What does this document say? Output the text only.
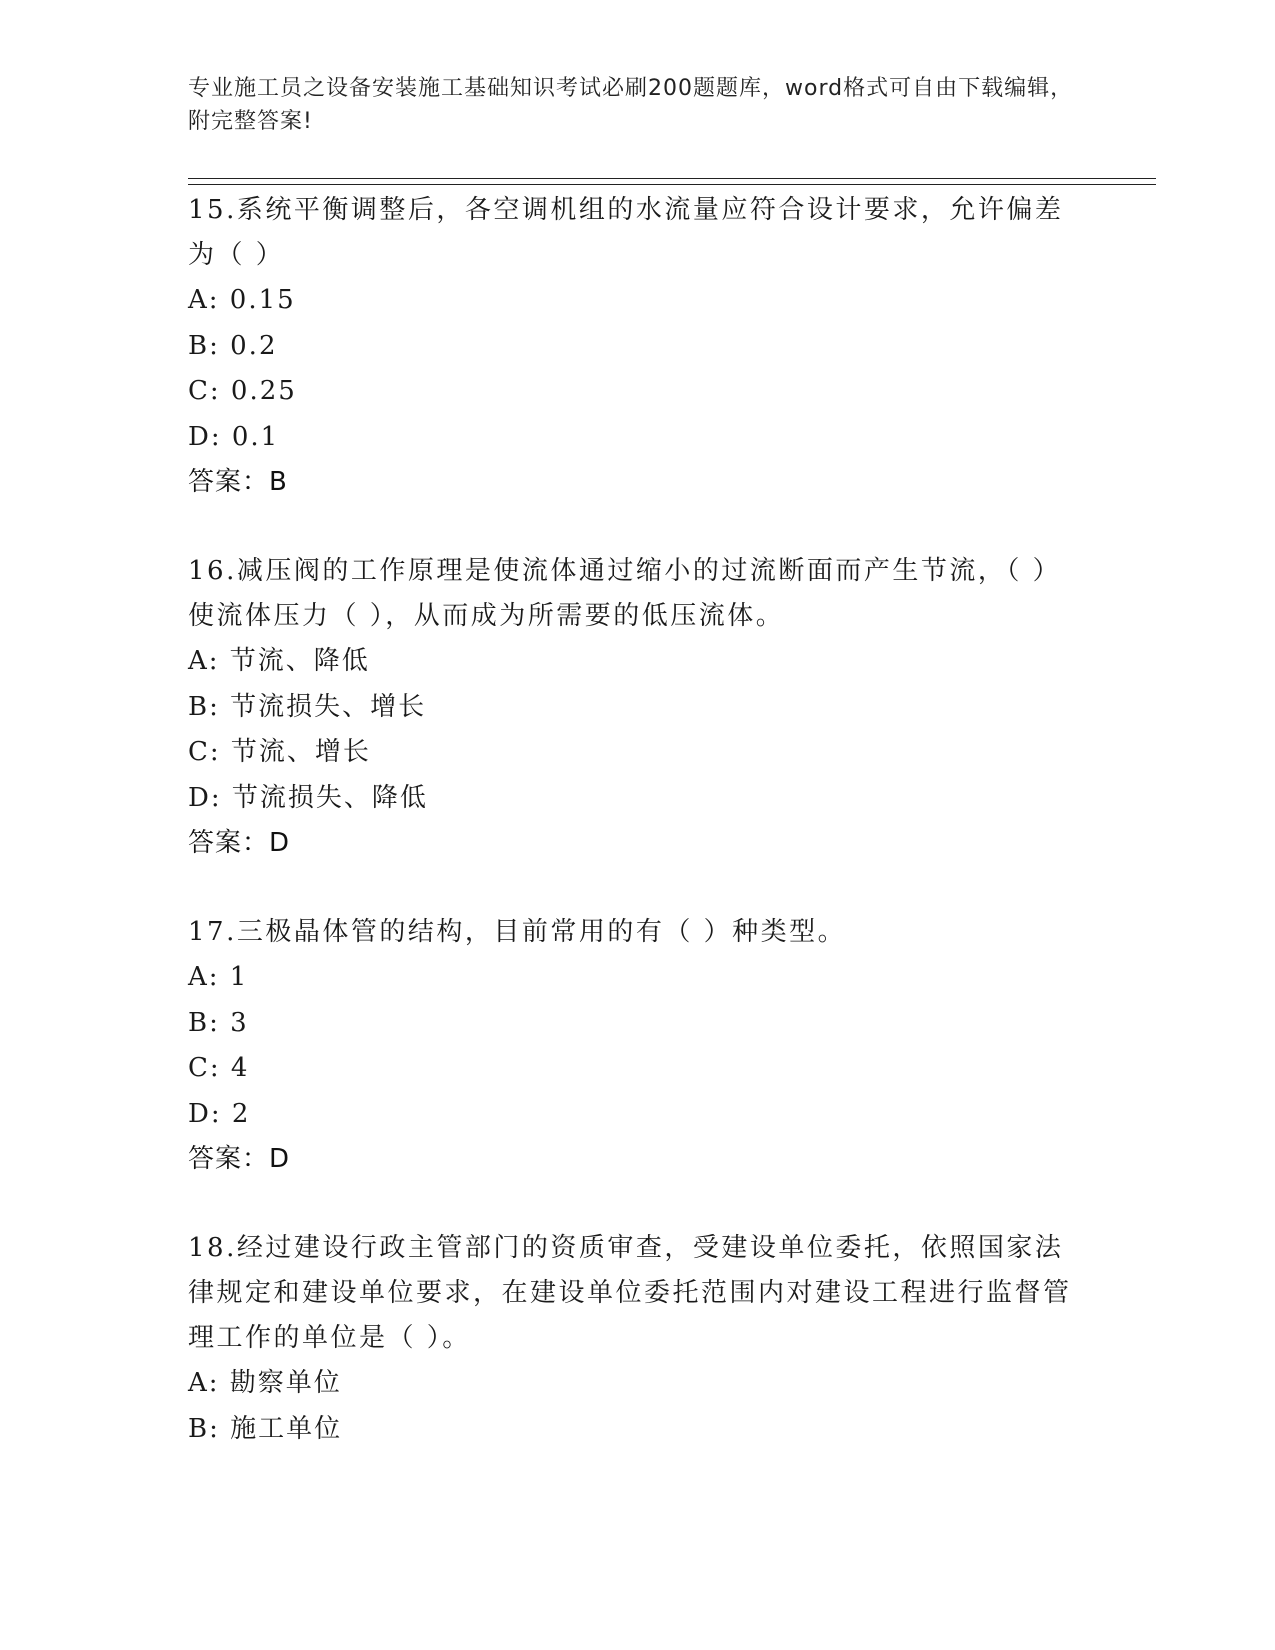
专业施工员之设备安装施工基础知识考试必刷200题题库，word格式可自由下载编辑，附完整答案!

15.系统平衡调整后，各空调机组的水流量应符合设计要求，允许偏差为（ ）

A: 0.15

B: 0.2

C: 0.25

D: 0.1

答案：B

16.减压阀的工作原理是使流体通过缩小的过流断面而产生节流，（ ）使流体压力（ ），从而成为所需要的低压流体。

A: 节流、降低

B: 节流损失、增长

C: 节流、增长

D: 节流损失、降低

答案：D

17.三极晶体管的结构，目前常用的有（ ）种类型。

A: 1

B: 3

C: 4

D: 2

答案：D

18.经过建设行政主管部门的资质审查，受建设单位委托，依照国家法律规定和建设单位要求，在建设单位委托范围内对建设工程进行监督管理工作的单位是（ ）。

A: 勘察单位

B: 施工单位
